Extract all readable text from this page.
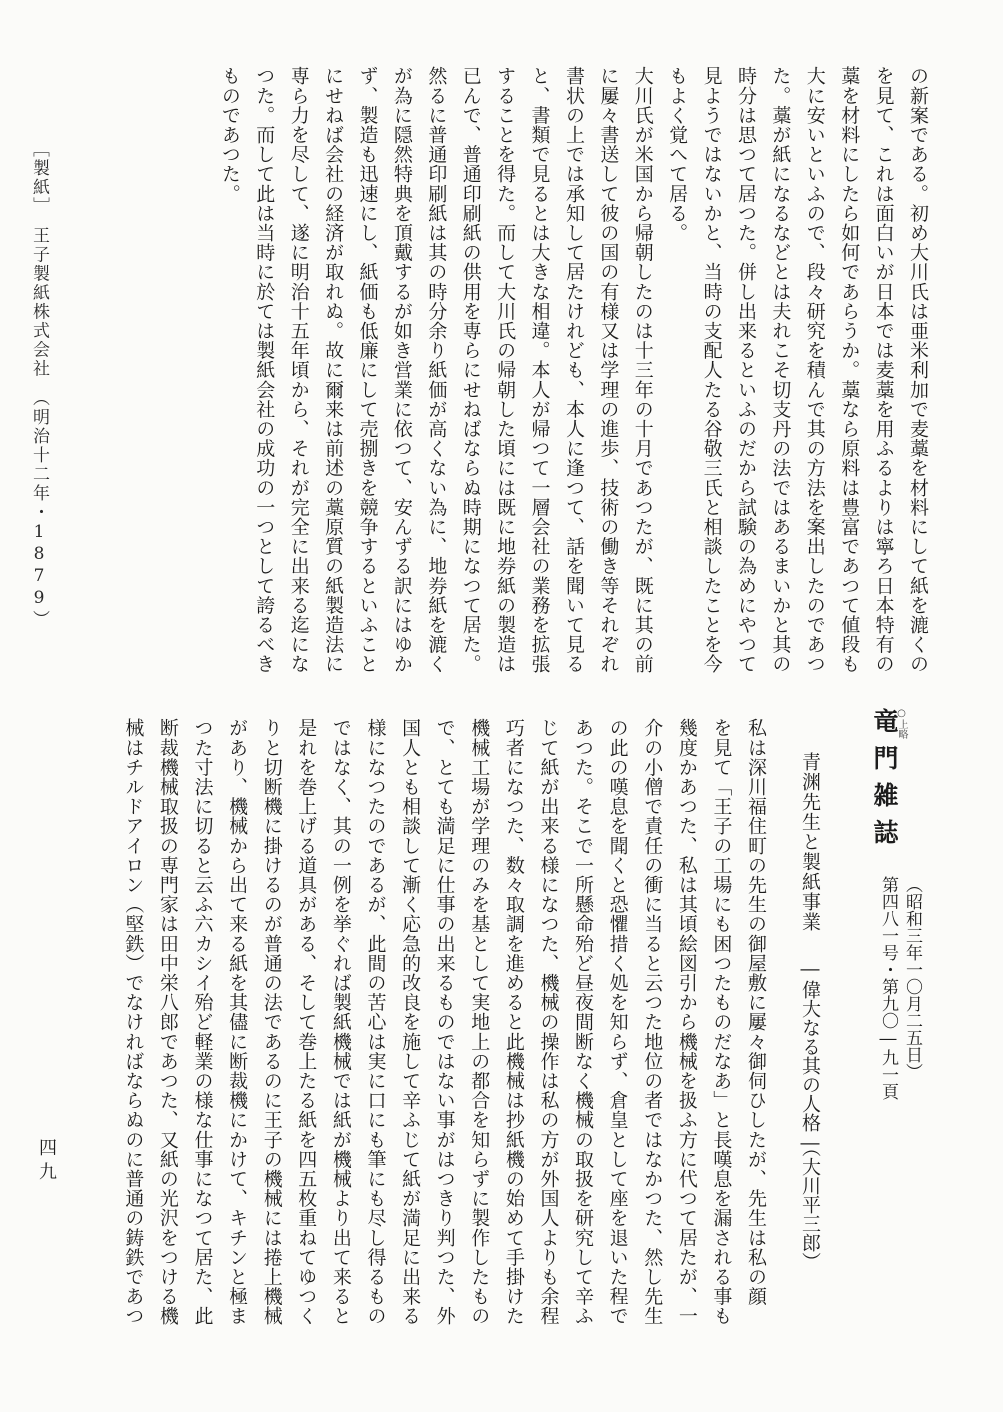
の新案である。初め大川氏は亜米利加で麦藁を材料にして紙を漉くの
を見て、これは面白いが日本では麦藁を用ふるよりは寧ろ日本特有の
藁を材料にしたら如何であらうか。藁なら原料は豊富であつて値段も
大に安いといふので、段々研究を積んで其の方法を案出したのであつ
た。藁が紙になるなどとは夫れこそ切支丹の法ではあるまいかと其の
時分は思つて居つた。併し出来るといふのだから試験の為めにやつて
見ようではないかと、当時の支配人たる谷敬三氏と相談したことを今
もよく覚へて居る。
大川氏が米国から帰朝したのは十三年の十月であつたが、既に其の前
に屢々書送して彼の国の有様又は学理の進歩、技術の働き等それぞれ
書状の上では承知して居たけれども、本人に逢つて、話を聞いて見る
と、書類で見るとは大きな相違。本人が帰つて一層会社の業務を拡張
することを得た。而して大川氏の帰朝した頃には既に地券紙の製造は
已んで、普通印刷紙の供用を専らにせねばならぬ時期になつて居た。
然るに普通印刷紙は其の時分余り紙価が高くない為に、地券紙を漉く
が為に隠然特典を頂戴するが如き営業に依つて、安んずる訳にはゆか
ず、製造も迅速にし、紙価も低廉にして売捌きを競争するといふこと
にせねば会社の経済が取れぬ。故に爾来は前述の藁原質の紙製造法に
専ら力を尽して、遂に明治十五年頃から、それが完全に出来る迄にな
つた。而して此は当時に於ては製紙会社の成功の一つとして誇るべき
ものであつた。
［製紙］　王子製紙株式会社　（明治十二年・1879）
竜門雑誌
○上略
第四八一号・第九〇―九一頁 （昭和三年一〇月二五日）
青渊先生と製紙事業
―偉大なる其の人格―
（大川平三郎）
私は深川福住町の先生の御屋敷に屢々御伺ひしたが、先生は私の顔
を見て「王子の工場にも困つたものだなあ」と長嘆息を漏される事も
幾度かあつた、私は其頃絵図引から機械を扱ふ方に代つて居たが、一
介の小僧で責任の衝に当ると云つた地位の者ではなかつた、然し先生
の此の嘆息を聞くと恐懼措く処を知らず、倉皇として座を退いた程で
あつた。そこで一所懸命殆ど昼夜間断なく機械の取扱を研究して辛ふ
じて紙が出来る様になつた、機械の操作は私の方が外国人よりも余程
巧者になつた、数々取調を進めると此機械は抄紙機の始めて手掛けた
機械工場が学理のみを基として実地上の都合を知らずに製作したもの
で、とても満足に仕事の出来るものではない事がはつきり判つた、外
国人とも相談して漸く応急的改良を施して辛ふじて紙が満足に出来る
様になつたのであるが、此間の苦心は実に口にも筆にも尽し得るもの
ではなく、其の一例を挙ぐれば製紙機械では紙が機械より出て来ると
是れを巻上げる道具がある、そして巻上たる紙を四五枚重ねてゆつく
りと切断機に掛けるのが普通の法であるのに王子の機械には捲上機械
があり、機械から出て来る紙を其儘に断裁機にかけて、キチンと極ま
つた寸法に切ると云ふ六カシイ殆ど軽業の様な仕事になつて居た、此
断裁機械取扱の専門家は田中栄八郎であつた、又紙の光沢をつける機
械はチルドアイロン（堅鉄）でなければならぬのに普通の鋳鉄であつ
四九
